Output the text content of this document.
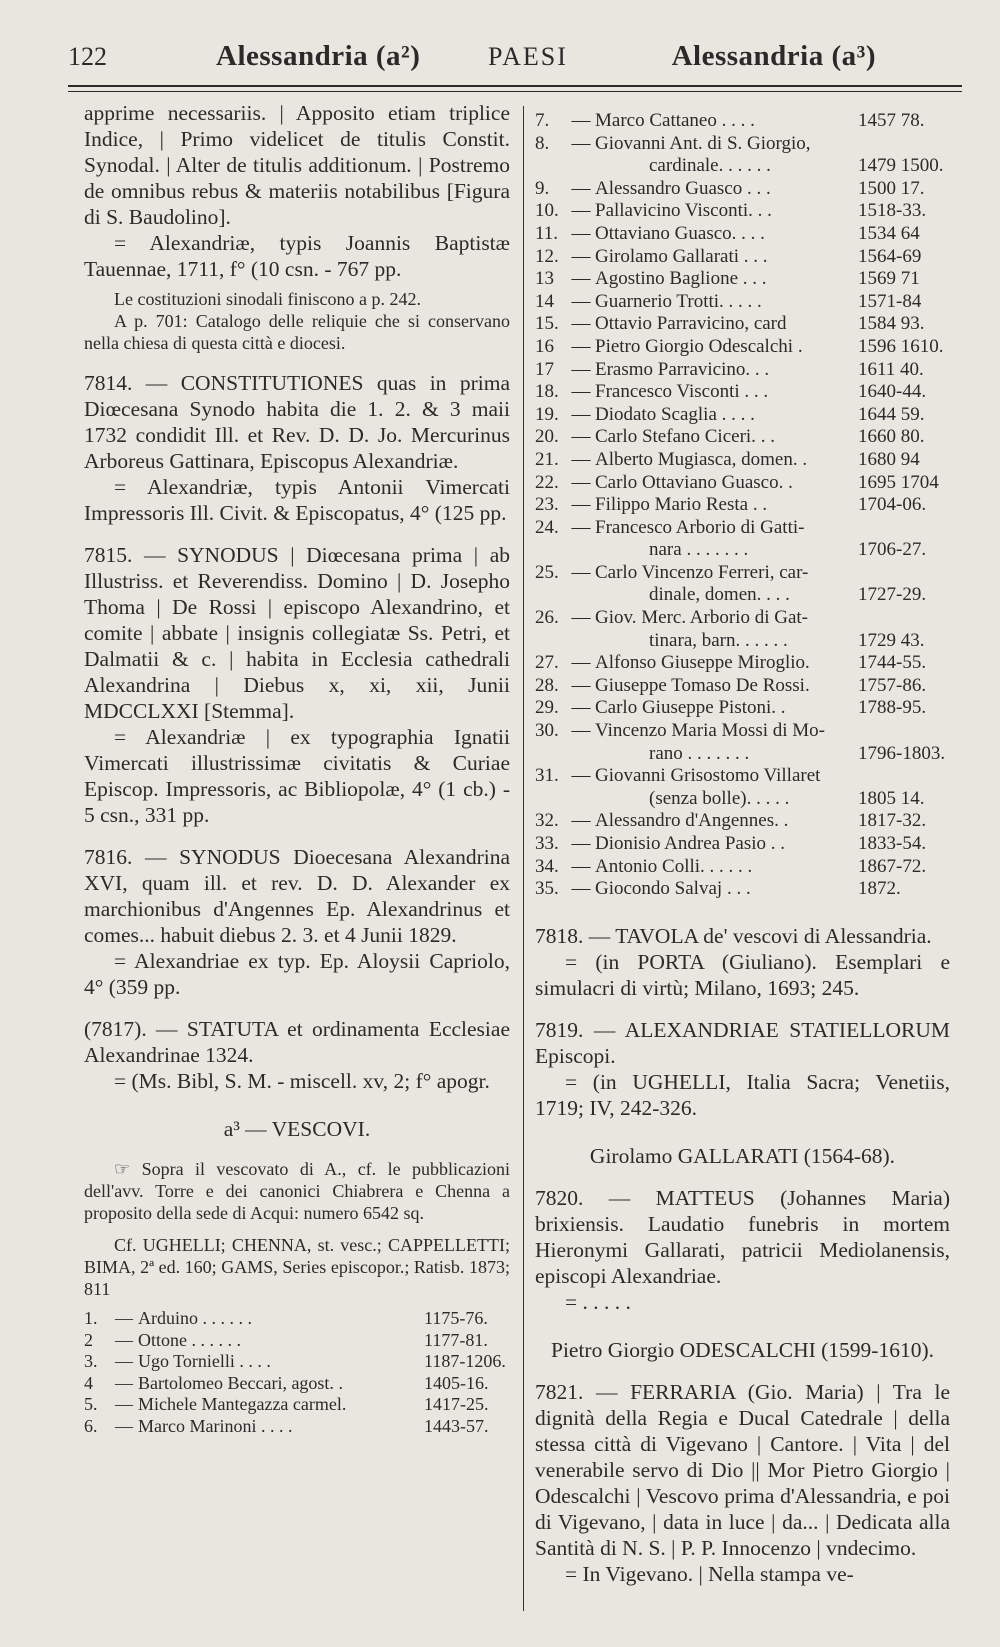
122	Alessandria (a²)	PAESI	Alessandria (a³)

apprime necessariis. | Apposito etiam triplice Indice, | Primo videlicet de titulis Constit. Synodal. | Alter de titulis additionum. | Postremo de omnibus rebus & materiis notabilibus [Figura di S. Baudolino].

= Alexandriæ, typis Joannis Baptistæ Tauennae, 1711, f° (10 csn. - 767 pp.

Le costituzioni sinodali finiscono a p. 242.

A p. 701: Catalogo delle reliquie che si conservano nella chiesa di questa città e diocesi.

7814. — CONSTITUTIONES quas in prima Diœcesana Synodo habita die 1. 2. & 3 maii 1732 condidit Ill. et Rev. D. D. Jo. Mercurinus Arboreus Gattinara, Episcopus Alexandriæ.

= Alexandriæ, typis Antonii Vimercati Impressoris Ill. Civit. & Episcopatus, 4° (125 pp.

7815. — SYNODUS | Diœcesana prima | ab Illustriss. et Reverendiss. Domino | D. Josepho Thoma | De Rossi | episcopo Alexandrino, et comite | abbate | insignis collegiatæ Ss. Petri, et Dalmatii & c. | habita in Ecclesia cathedrali Alexandrina | Diebus x, xi, xii, Junii MDCCLXXI [Stemma].

= Alexandriæ | ex typographia Ignatii Vimercati illustrissimæ civitatis & Curiae Episcop. Impressoris, ac Bibliopolæ, 4° (1 cb.) - 5 csn., 331 pp.

7816. — SYNODUS Dioecesana Alexandrina XVI, quam ill. et rev. D. D. Alexander ex marchionibus d'Angennes Ep. Alexandrinus et comes... habuit diebus 2. 3. et 4 Junii 1829.

= Alexandriae ex typ. Ep. Aloysii Capriolo, 4° (359 pp.

(7817). — STATUTA et ordinamenta Ecclesiae Alexandrinae 1324.

= (Ms. Bibl, S. M. - miscell. xv, 2; f° apogr.

a³ — VESCOVI.

☞ Sopra il vescovato di A., cf. le pubblicazioni dell'avv. Torre e dei canonici Chiabrera e Chenna a proposito della sede di Acqui: numero 6542 sq.

Cf. UGHELLI; CHENNA, st. vesc.; CAPPELLETTI; BIMA, 2ª ed. 160; GAMS, Series episcopor.; Ratisb. 1873; 811

1. — Arduino . . . . . .	1175-76.
2	— Ottone . . . . . .	1177-81.
3. — Ugo Tornielli . . . .	1187-1206.
4	— Bartolomeo Beccari, agost. .	1405-16.
5. — Michele Mantegazza carmel.	1417-25.
6. — Marco Marinoni . . . .	1443-57.
7.	— Marco Cattaneo . . . .	1457 78.
8.	— Giovanni Ant. di S. Giorgio,
cardinale. . . . . .	1479 1500.
9.	— Alessandro Guasco . . .	1500 17.
10. — Pallavicino Visconti. . .	1518-33.
11. — Ottaviano Guasco. . . .	1534 64
12. — Girolamo Gallarati . . .	1564-69
13 — Agostino Baglione . . .	1569 71
14 — Guarnerio Trotti. . . . .	1571-84
15. — Ottavio Parravicino, card	1584 93.
16 — Pietro Giorgio Odescalchi .	1596 1610.
17 — Erasmo Parravicino. . .	1611 40.
18. — Francesco Visconti . . .	1640-44.
19. — Diodato Scaglia . . . .	1644 59.
20. — Carlo Stefano Ciceri. . .	1660 80.
21. — Alberto Mugiasca, domen. .	1680 94
22. — Carlo Ottaviano Guasco. .	1695 1704
23. — Filippo Mario Resta . .	1704-06.
24. — Francesco Arborio di Gatti-
nara . . . . . . .	1706-27.
25. — Carlo Vincenzo Ferreri, car-
dinale, domen. . . .	1727-29.
26. — Giov. Merc. Arborio di Gat-
tinara, barn. . . . . .	1729 43.
27. — Alfonso Giuseppe Miroglio.	1744-55.
28. — Giuseppe Tomaso De Rossi.	1757-86.
29. — Carlo Giuseppe Pistoni. .	1788-95.
30. — Vincenzo Maria Mossi di Mo-
rano . . . . . . .	1796-1803.
31. — Giovanni Grisostomo Villaret
(senza bolle). . . . .	1805 14.
32. — Alessandro d'Angennes. .	1817-32.
33. — Dionisio Andrea Pasio . .	1833-54.
34. — Antonio Colli. . . . . .	1867-72.
35. — Giocondo Salvaj . . .	1872.

7818. — TAVOLA de' vescovi di Alessandria.

= (in PORTA (Giuliano). Esemplari e simulacri di virtù; Milano, 1693; 245.

7819. — ALEXANDRIAE STATIELLORUM Episcopi.

= (in UGHELLI, Italia Sacra; Venetiis, 1719; IV, 242-326.

Girolamo GALLARATI (1564-68).

7820. — MATTEUS (Johannes Maria) brixiensis. Laudatio funebris in mortem Hieronymi Gallarati, patricii Mediolanensis, episcopi Alexandriae.

= . . . . .

Pietro Giorgio ODESCALCHI (1599-1610).

7821. — FERRARIA (Gio. Maria) | Tra le dignità della Regia e Ducal Catedrale | della stessa città di Vigevano | Cantore. | Vita | del venerabile servo di Dio || Mor Pietro Giorgio | Odescalchi | Vescovo prima d'Alessandria, e poi di Vigevano, | data in luce | da... | Dedicata alla Santità di N. S. | P. P. Innocenzo | vndecimo.

= In Vigevano. | Nella stampa ve-
